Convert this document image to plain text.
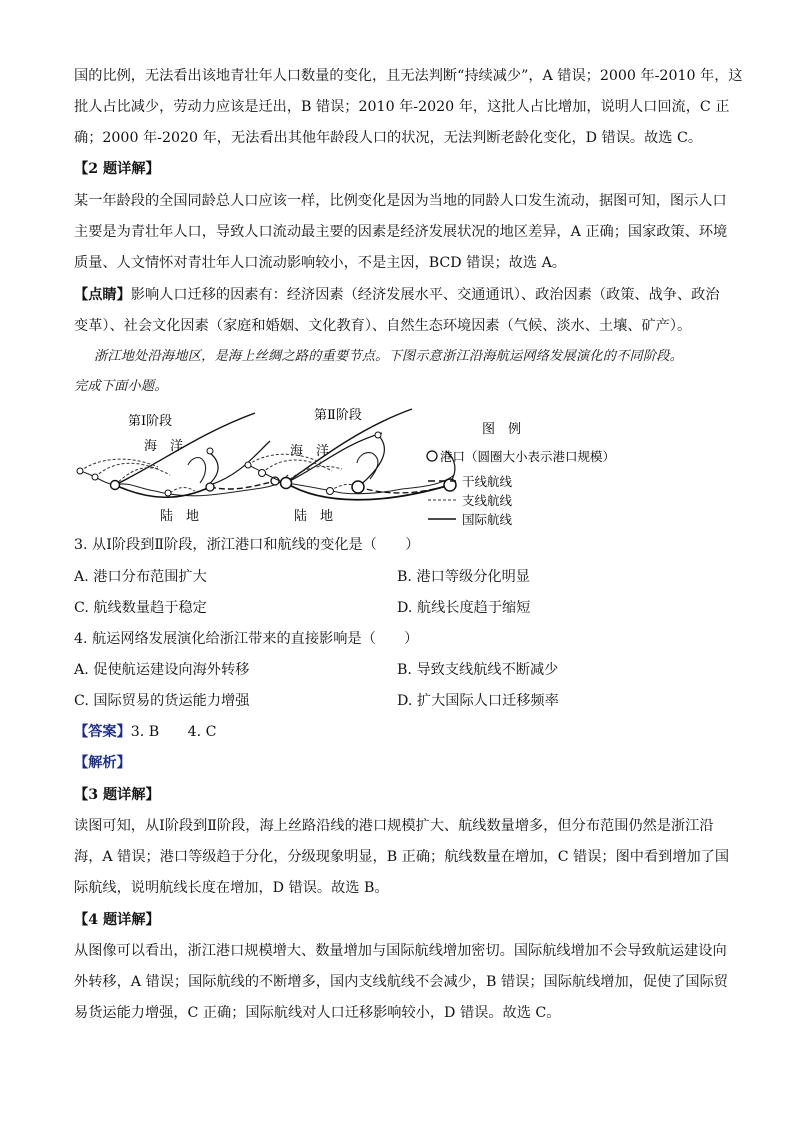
国的比例，无法看出该地青壮年人口数量的变化，且无法判断“持续减少”，A 错误；2000 年-2010 年，这
批人占比减少，劳动力应该是迁出，B 错误；2010 年-2020 年，这批人占比增加，说明人口回流，C 正
确；2000 年-2020 年，无法看出其他年龄段人口的状况，无法判断老龄化变化，D 错误。故选 C。
【2 题详解】
某一年龄段的全国同龄总人口应该一样，比例变化是因为当地的同龄人口发生流动，据图可知，图示人口
主要是为青壮年人口，导致人口流动最主要的因素是经济发展状况的地区差异，A 正确；国家政策、环境
质量、人文情怀对青壮年人口流动影响较小，不是主因，BCD 错误；故选 A。
【点睛】影响人口迁移的因素有：经济因素（经济发展水平、交通通讯）、政治因素（政策、战争、政治
变革）、社会文化因素（家庭和婚姻、文化教育）、自然生态环境因素（气候、淡水、土壤、矿产）。
浙江地处沿海地区，是海上丝绸之路的重要节点。下图示意浙江沿海航运网络发展演化的不同阶段。
完成下面小题。
第Ⅰ阶段
海　洋
陆　地
第Ⅱ阶段
海　洋
陆　地
图　例
港口（圆圈大小表示港口规模）
干线航线
支线航线
国际航线
3. 从Ⅰ阶段到Ⅱ阶段，浙江港口和航线的变化是（　　）
A. 港口分布范围扩大	B. 港口等级分化明显
C. 航线数量趋于稳定	D. 航线长度趋于缩短
4. 航运网络发展演化给浙江带来的直接影响是（　　）
A. 促使航运建设向海外转移	B. 导致支线航线不断减少
C. 国际贸易的货运能力增强	D. 扩大国际人口迁移频率
【答案】3. B　　4. C
【解析】
【3 题详解】
读图可知，从Ⅰ阶段到Ⅱ阶段，海上丝路沿线的港口规模扩大、航线数量增多，但分布范围仍然是浙江沿
海，A 错误；港口等级趋于分化，分级现象明显，B 正确；航线数量在增加，C 错误；图中看到增加了国
际航线，说明航线长度在增加，D 错误。故选 B。
【4 题详解】
从图像可以看出，浙江港口规模增大、数量增加与国际航线增加密切。国际航线增加不会导致航运建设向
外转移，A 错误；国际航线的不断增多，国内支线航线不会减少，B 错误；国际航线增加，促使了国际贸
易货运能力增强，C 正确；国际航线对人口迁移影响较小，D 错误。故选 C。
